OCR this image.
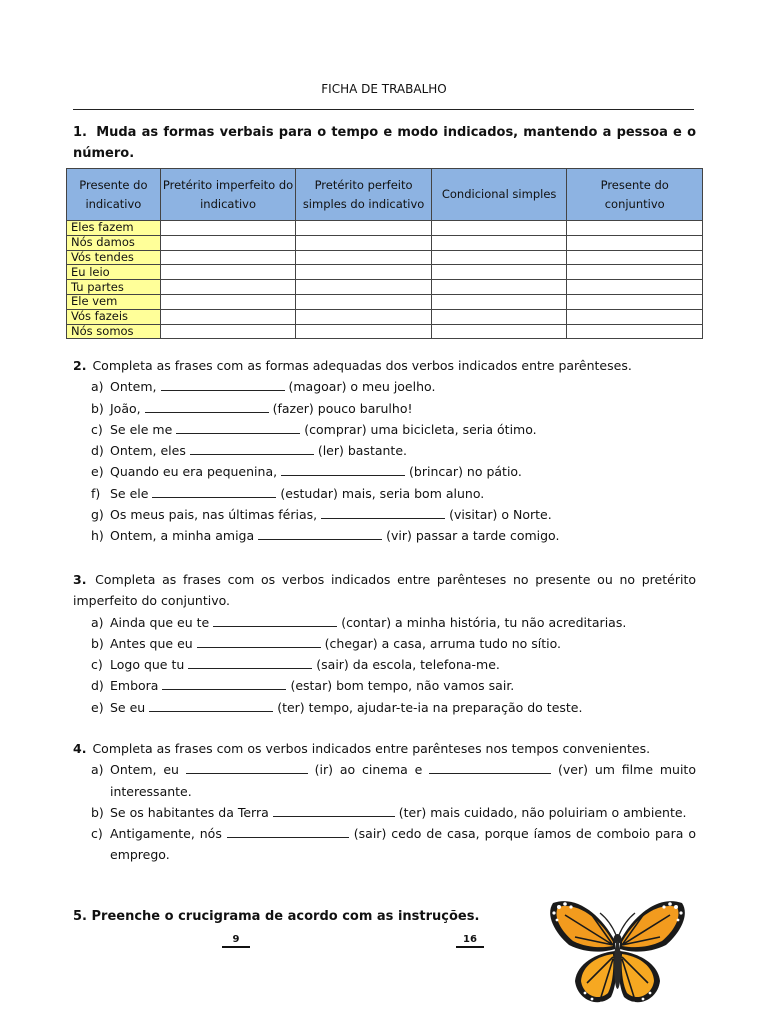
FICHA DE TRABALHO
1. Muda as formas verbais para o tempo e modo indicados, mantendo a pessoa e o número.
Presente do indicativo	Pretérito imperfeito do indicativo	Pretérito perfeito simples do indicativo	Condicional simples	Presente do conjuntivo
Eles fazem				
Nós damos				
Vós tendes				
Eu leio				
Tu partes				
Ele vem				
Vós fazeis				
Nós somos				
2. Completa as frases com as formas adequadas dos verbos indicados entre parênteses.
a) Ontem,	(magoar) o meu joelho.
b) João,	(fazer) pouco barulho!
c) Se ele me	(comprar) uma bicicleta, seria ótimo.
d) Ontem, eles	(ler) bastante.
e) Quando eu era pequenina,	(brincar) no pátio.
f) Se ele	(estudar) mais, seria bom aluno.
g) Os meus pais, nas últimas férias,	(visitar) o Norte.
h) Ontem, a minha amiga	(vir) passar a tarde comigo.
3. Completa as frases com os verbos indicados entre parênteses no presente ou no pretérito imperfeito do conjuntivo.
a) Ainda que eu te	(contar) a minha história, tu não acreditarias.
b) Antes que eu	(chegar) a casa, arruma tudo no sítio.
c) Logo que tu	(sair) da escola, telefona-me.
d) Embora	(estar) bom tempo, não vamos sair.
e) Se eu	(ter) tempo, ajudar-te-ia na preparação do teste.
4. Completa as frases com os verbos indicados entre parênteses nos tempos convenientes.
a) Ontem, eu	(ir) ao cinema e	(ver) um filme muito interessante.
b) Se os habitantes da Terra	(ter) mais cuidado, não poluiriam o ambiente.
c) Antigamente, nós	(sair) cedo de casa, porque íamos de comboio para o emprego.
5. Preenche o crucigrama de acordo com as instruções.
9	16
